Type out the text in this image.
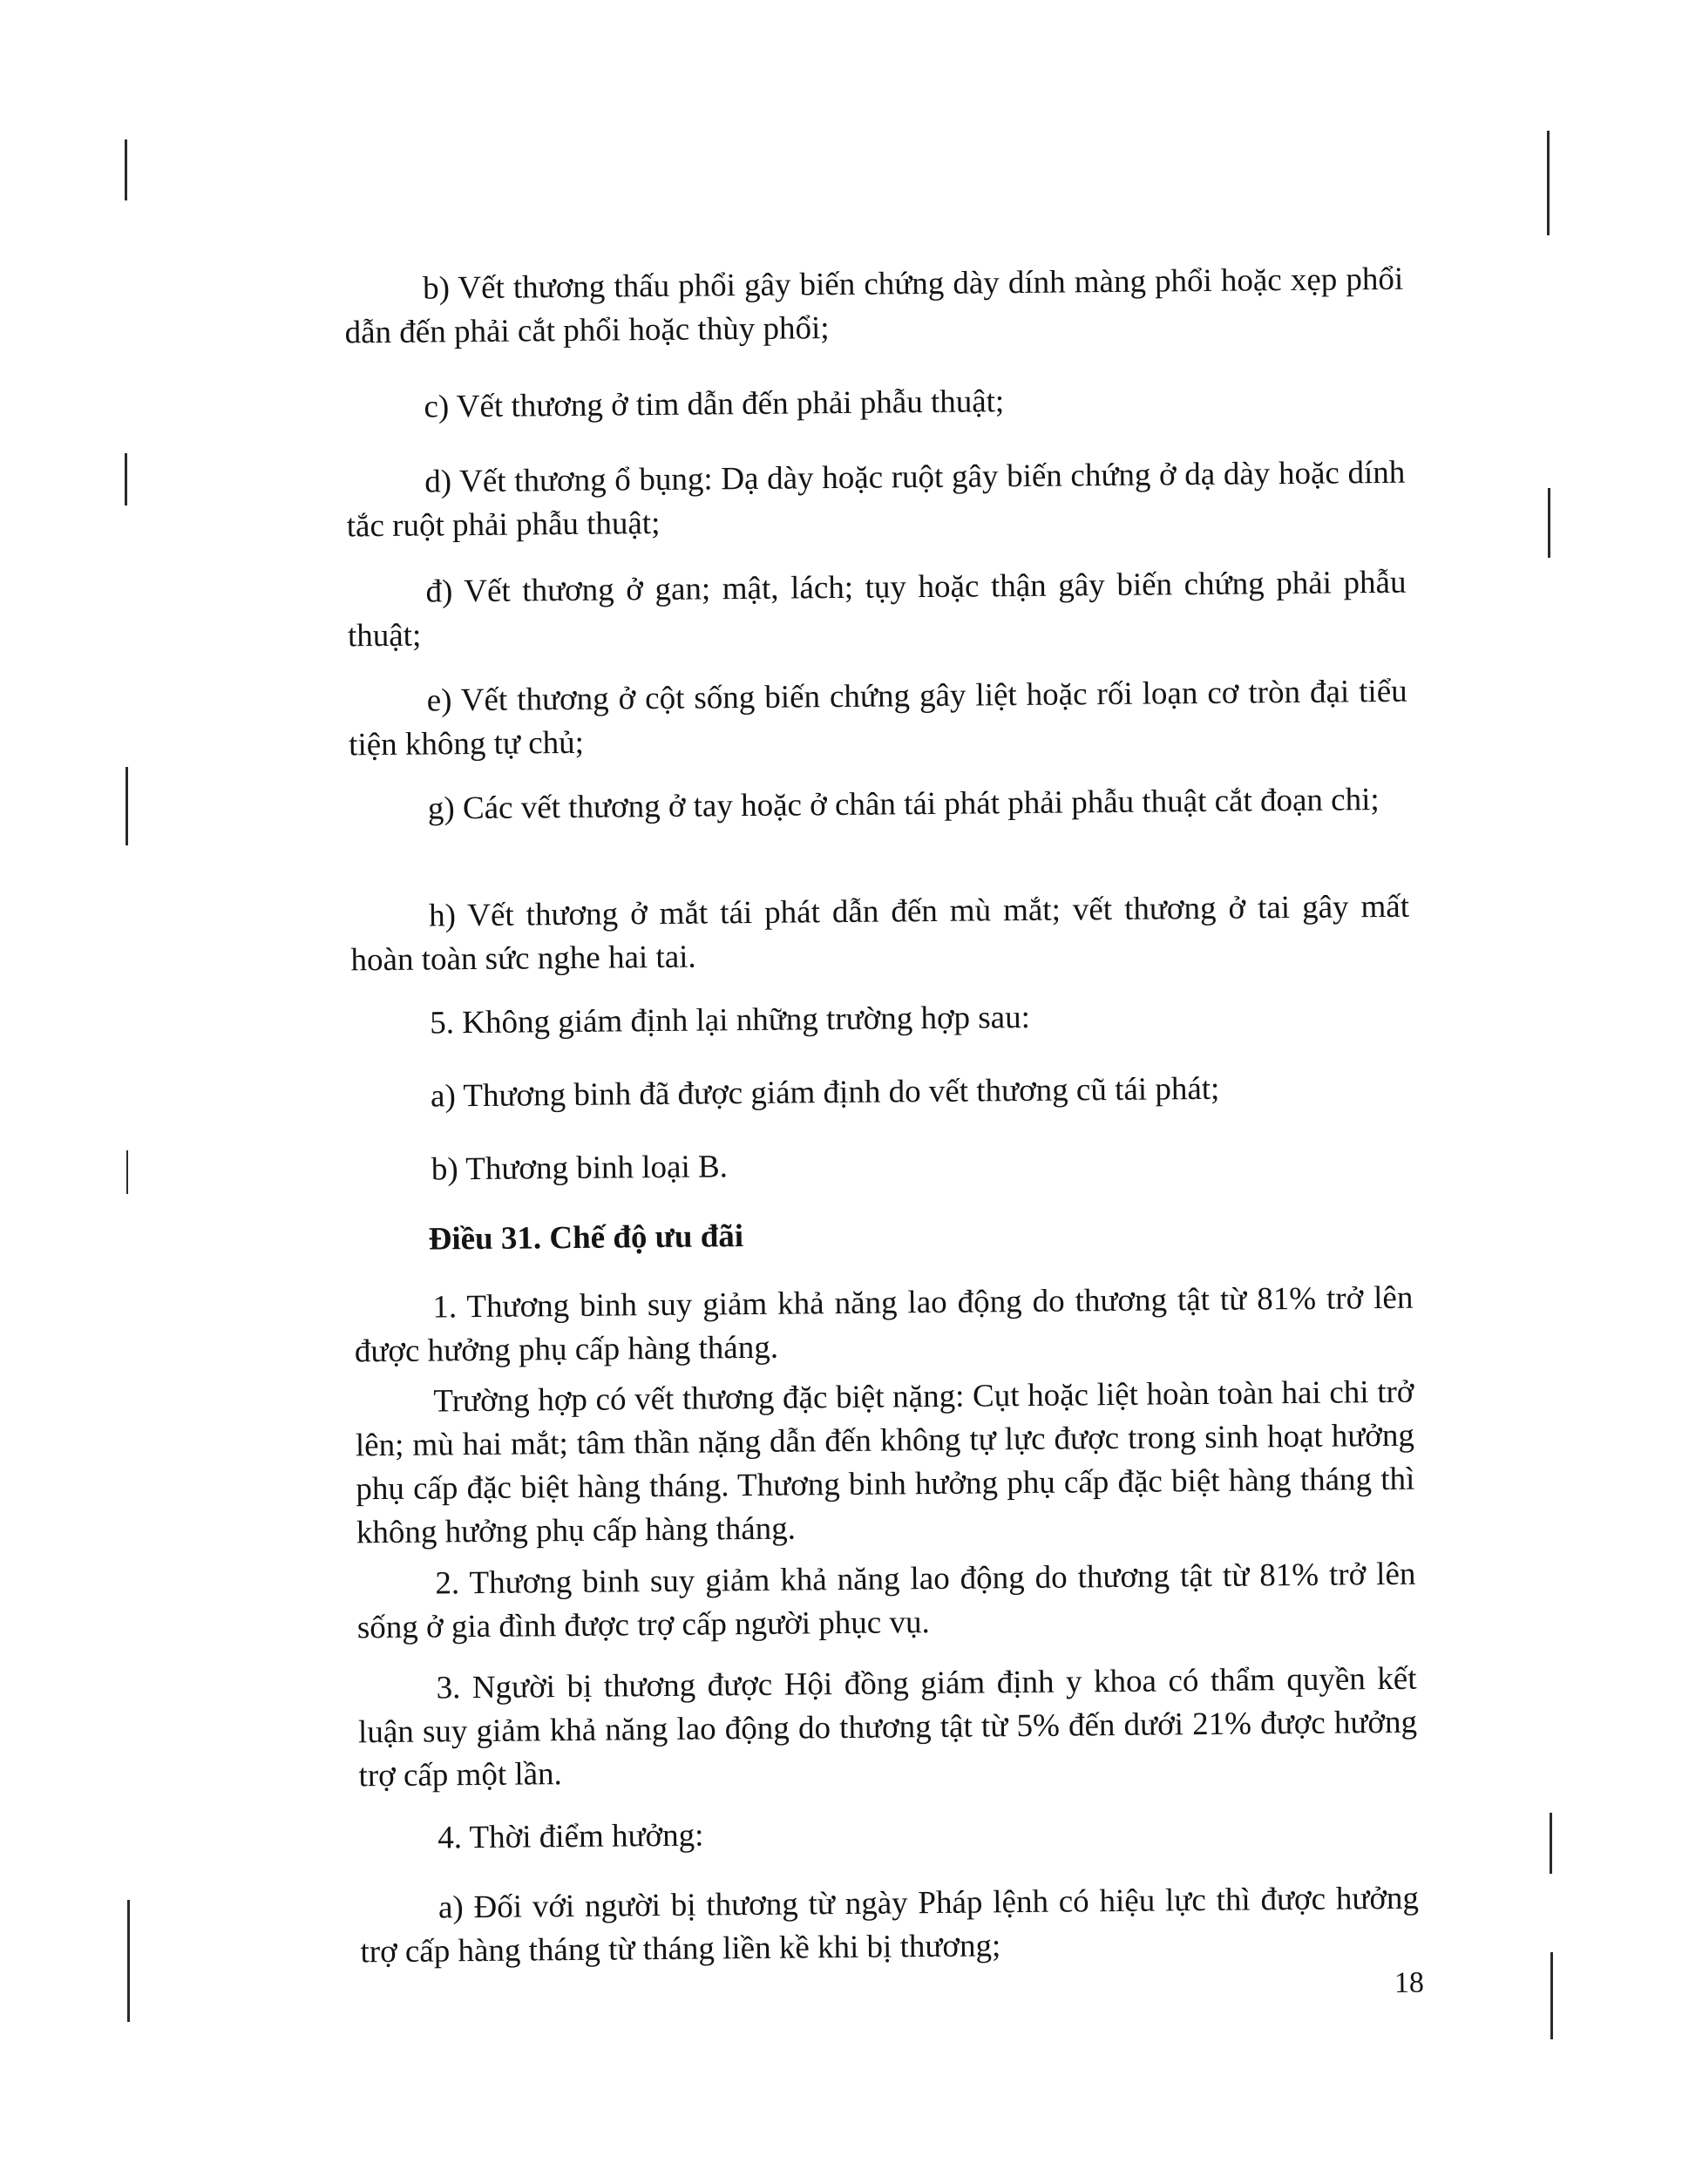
b) Vết thương thấu phổi gây biến chứng dày dính màng phổi hoặc xẹp phổi dẫn đến phải cắt phổi hoặc thùy phổi;

c) Vết thương ở tim dẫn đến phải phẫu thuật;

d) Vết thương ổ bụng: Dạ dày hoặc ruột gây biến chứng ở dạ dày hoặc dính tắc ruột phải phẫu thuật;

đ) Vết thương ở gan; mật, lách; tụy hoặc thận gây biến chứng phải phẫu thuật;

e) Vết thương ở cột sống biến chứng gây liệt hoặc rối loạn cơ tròn đại tiểu tiện không tự chủ;

g) Các vết thương ở tay hoặc ở chân tái phát phải phẫu thuật cắt đoạn chi;

h) Vết thương ở mắt tái phát dẫn đến mù mắt; vết thương ở tai gây mất hoàn toàn sức nghe hai tai.

5. Không giám định lại những trường hợp sau:

a) Thương binh đã được giám định do vết thương cũ tái phát;

b) Thương binh loại B.

Điều 31. Chế độ ưu đãi

1. Thương binh suy giảm khả năng lao động do thương tật từ 81% trở lên được hưởng phụ cấp hàng tháng.

Trường hợp có vết thương đặc biệt nặng: Cụt hoặc liệt hoàn toàn hai chi trở lên; mù hai mắt; tâm thần nặng dẫn đến không tự lực được trong sinh hoạt hưởng phụ cấp đặc biệt hàng tháng. Thương binh hưởng phụ cấp đặc biệt hàng tháng thì không hưởng phụ cấp hàng tháng.

2. Thương binh suy giảm khả năng lao động do thương tật từ 81% trở lên sống ở gia đình được trợ cấp người phục vụ.

3. Người bị thương được Hội đồng giám định y khoa có thẩm quyền kết luận suy giảm khả năng lao động do thương tật từ 5% đến dưới 21% được hưởng trợ cấp một lần.

4. Thời điểm hưởng:

a) Đối với người bị thương từ ngày Pháp lệnh có hiệu lực thì được hưởng trợ cấp hàng tháng từ tháng liền kề khi bị thương;

18
